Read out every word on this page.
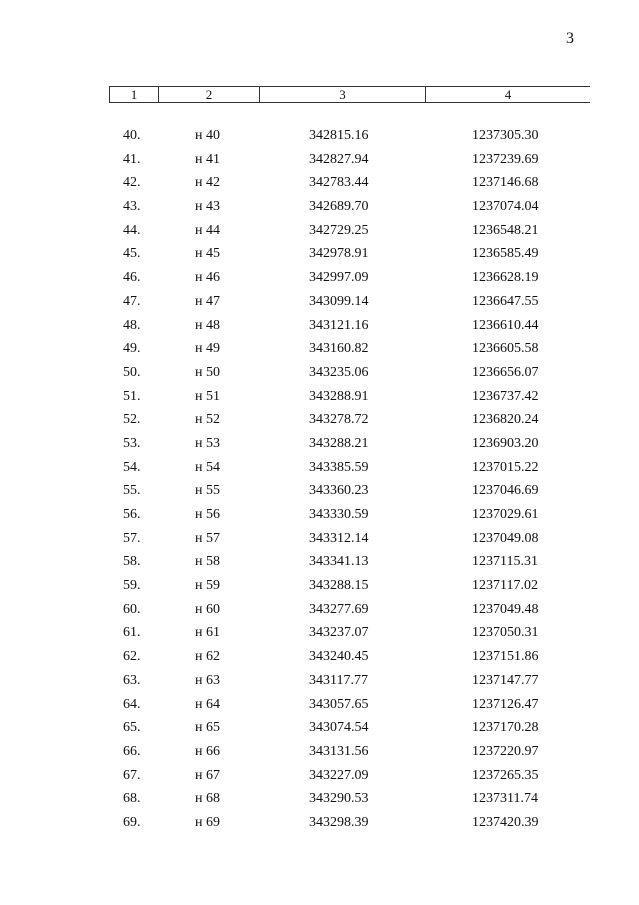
3
1	2	3	4
40.	н 40	342815.16	1237305.30
41.	н 41	342827.94	1237239.69
42.	н 42	342783.44	1237146.68
43.	н 43	342689.70	1237074.04
44.	н 44	342729.25	1236548.21
45.	н 45	342978.91	1236585.49
46.	н 46	342997.09	1236628.19
47.	н 47	343099.14	1236647.55
48.	н 48	343121.16	1236610.44
49.	н 49	343160.82	1236605.58
50.	н 50	343235.06	1236656.07
51.	н 51	343288.91	1236737.42
52.	н 52	343278.72	1236820.24
53.	н 53	343288.21	1236903.20
54.	н 54	343385.59	1237015.22
55.	н 55	343360.23	1237046.69
56.	н 56	343330.59	1237029.61
57.	н 57	343312.14	1237049.08
58.	н 58	343341.13	1237115.31
59.	н 59	343288.15	1237117.02
60.	н 60	343277.69	1237049.48
61.	н 61	343237.07	1237050.31
62.	н 62	343240.45	1237151.86
63.	н 63	343117.77	1237147.77
64.	н 64	343057.65	1237126.47
65.	н 65	343074.54	1237170.28
66.	н 66	343131.56	1237220.97
67.	н 67	343227.09	1237265.35
68.	н 68	343290.53	1237311.74
69.	н 69	343298.39	1237420.39
